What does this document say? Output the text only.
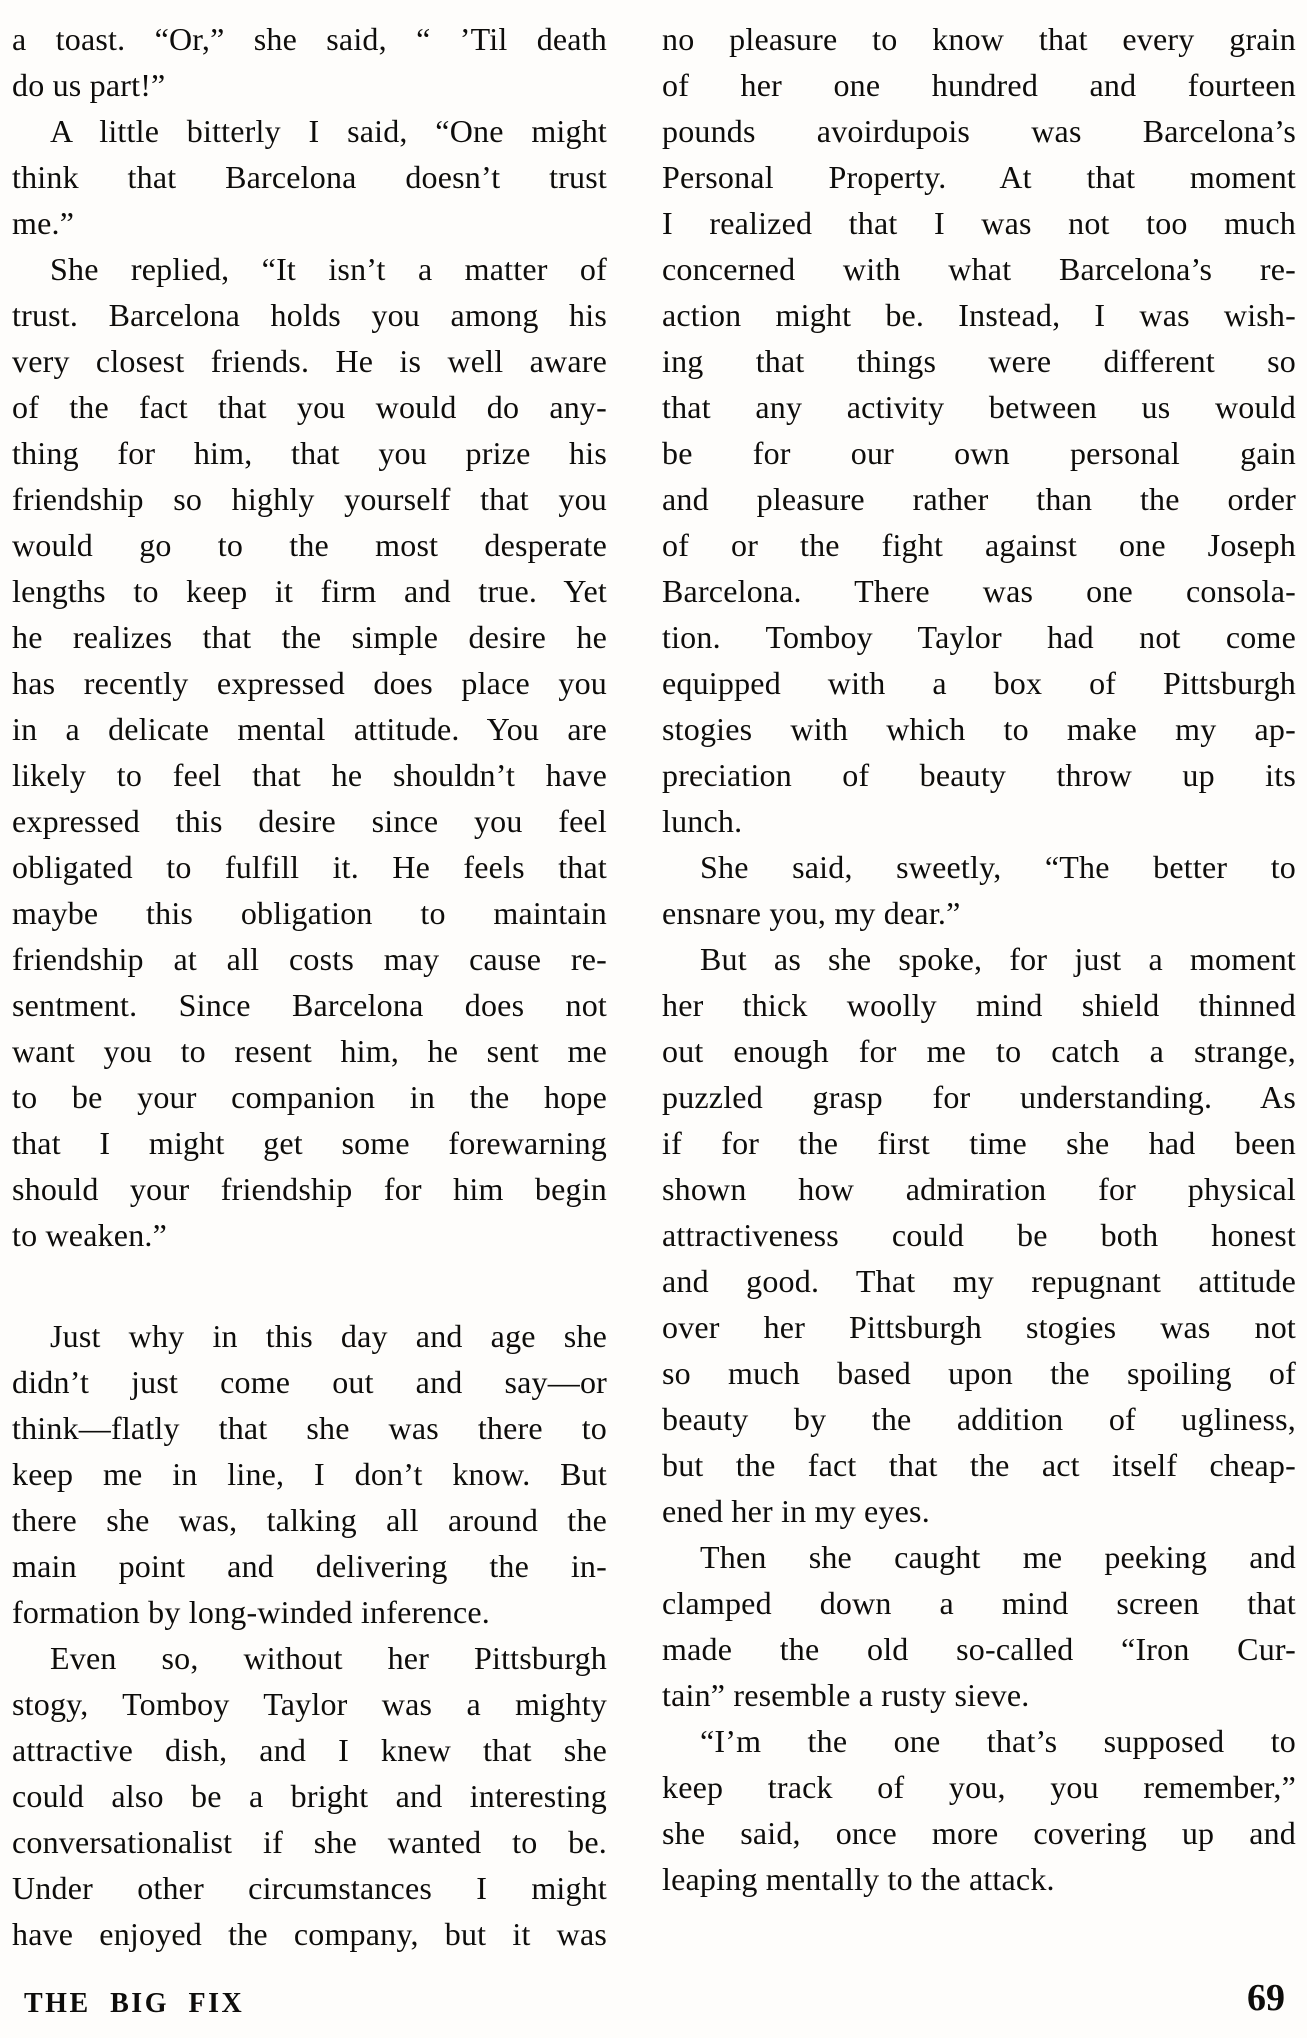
a toast. “Or,” she said, “ ’Til death
do us part!”
A little bitterly I said, “One might
think that Barcelona doesn’t trust
me.”
She replied, “It isn’t a matter of
trust. Barcelona holds you among his
very closest friends. He is well aware
of the fact that you would do any-
thing for him, that you prize his
friendship so highly yourself that you
would go to the most desperate
lengths to keep it firm and true. Yet
he realizes that the simple desire he
has recently expressed does place you
in a delicate mental attitude. You are
likely to feel that he shouldn’t have
expressed this desire since you feel
obligated to fulfill it. He feels that
maybe this obligation to maintain
friendship at all costs may cause re-
sentment. Since Barcelona does not
want you to resent him, he sent me
to be your companion in the hope
that I might get some forewarning
should your friendship for him begin
to weaken.”
Just why in this day and age she
didn’t just come out and say—or
think—flatly that she was there to
keep me in line, I don’t know. But
there she was, talking all around the
main point and delivering the in-
formation by long-winded inference.
Even so, without her Pittsburgh
stogy, Tomboy Taylor was a mighty
attractive dish, and I knew that she
could also be a bright and interesting
conversationalist if she wanted to be.
Under other circumstances I might
have enjoyed the company, but it was
no pleasure to know that every grain
of her one hundred and fourteen
pounds avoirdupois was Barcelona’s
Personal Property. At that moment
I realized that I was not too much
concerned with what Barcelona’s re-
action might be. Instead, I was wish-
ing that things were different so
that any activity between us would
be for our own personal gain
and pleasure rather than the order
of or the fight against one Joseph
Barcelona. There was one consola-
tion. Tomboy Taylor had not come
equipped with a box of Pittsburgh
stogies with which to make my ap-
preciation of beauty throw up its
lunch.
She said, sweetly, “The better to
ensnare you, my dear.”
But as she spoke, for just a moment
her thick woolly mind shield thinned
out enough for me to catch a strange,
puzzled grasp for understanding. As
if for the first time she had been
shown how admiration for physical
attractiveness could be both honest
and good. That my repugnant attitude
over her Pittsburgh stogies was not
so much based upon the spoiling of
beauty by the addition of ugliness,
but the fact that the act itself cheap-
ened her in my eyes.
Then she caught me peeking and
clamped down a mind screen that
made the old so-called “Iron Cur-
tain” resemble a rusty sieve.
“I’m the one that’s supposed to
keep track of you, you remember,”
she said, once more covering up and
leaping mentally to the attack.
THE BIG FIX	69
